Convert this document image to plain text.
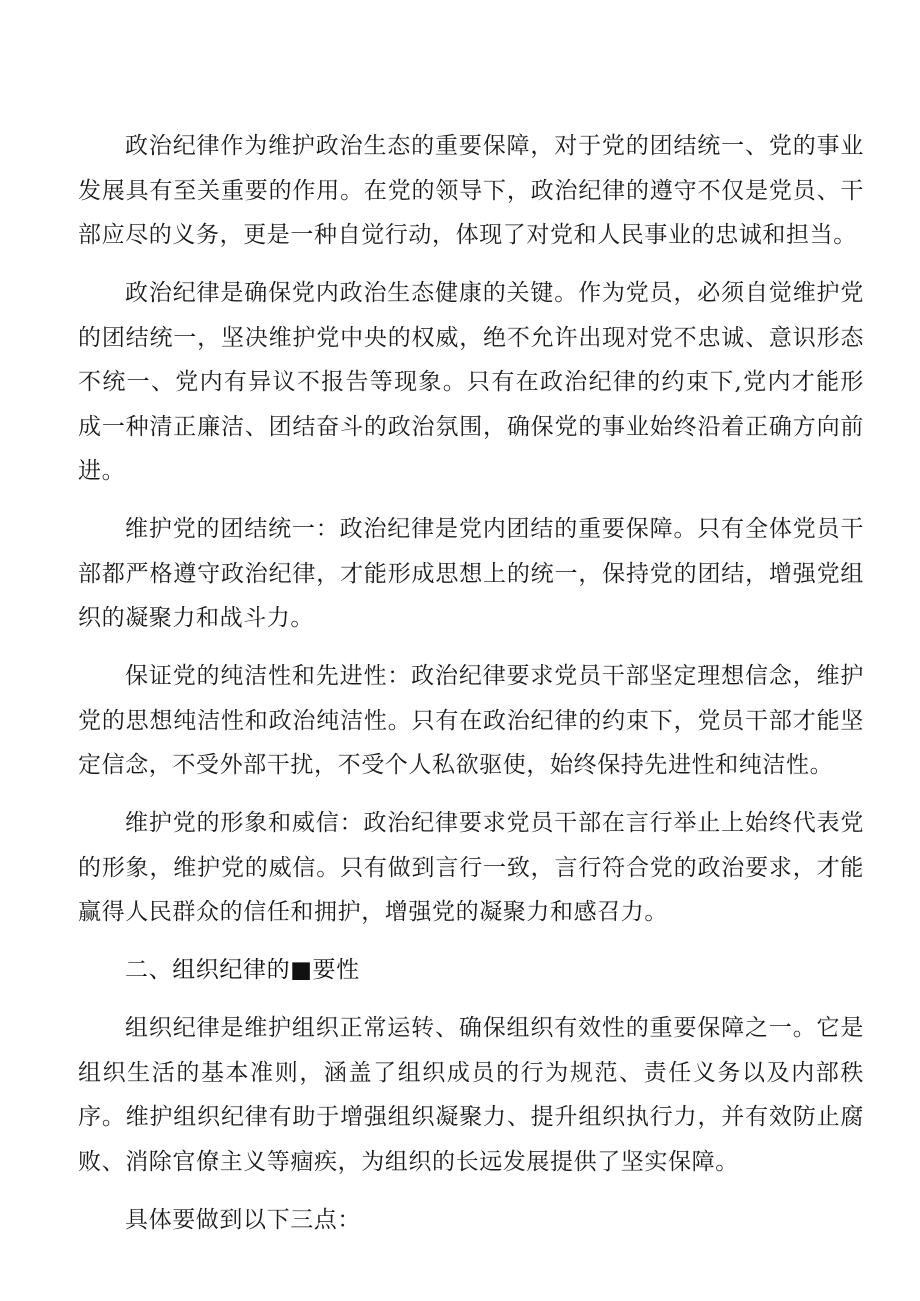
政治纪律作为维护政治生态的重要保障，对于党的团结统一、党的事业发展具有至关重要的作用。在党的领导下，政治纪律的遵守不仅是党员、干部应尽的义务，更是一种自觉行动，体现了对党和人民事业的忠诚和担当。

政治纪律是确保党内政治生态健康的关键。作为党员，必须自觉维护党的团结统一，坚决维护党中央的权威，绝不允许出现对党不忠诚、意识形态不统一、党内有异议不报告等现象。只有在政治纪律的约束下,党内才能形成一种清正廉洁、团结奋斗的政治氛围，确保党的事业始终沿着正确方向前进。

维护党的团结统一：政治纪律是党内团结的重要保障。只有全体党员干部都严格遵守政治纪律，才能形成思想上的统一，保持党的团结，增强党组织的凝聚力和战斗力。

保证党的纯洁性和先进性：政治纪律要求党员干部坚定理想信念，维护党的思想纯洁性和政治纯洁性。只有在政治纪律的约束下，党员干部才能坚定信念，不受外部干扰，不受个人私欲驱使，始终保持先进性和纯洁性。

维护党的形象和威信：政治纪律要求党员干部在言行举止上始终代表党的形象，维护党的威信。只有做到言行一致，言行符合党的政治要求，才能赢得人民群众的信任和拥护，增强党的凝聚力和感召力。

二、组织纪律的■要性

组织纪律是维护组织正常运转、确保组织有效性的重要保障之一。它是组织生活的基本准则，涵盖了组织成员的行为规范、责任义务以及内部秩序。维护组织纪律有助于增强组织凝聚力、提升组织执行力，并有效防止腐败、消除官僚主义等痼疾，为组织的长远发展提供了坚实保障。

具体要做到以下三点：
